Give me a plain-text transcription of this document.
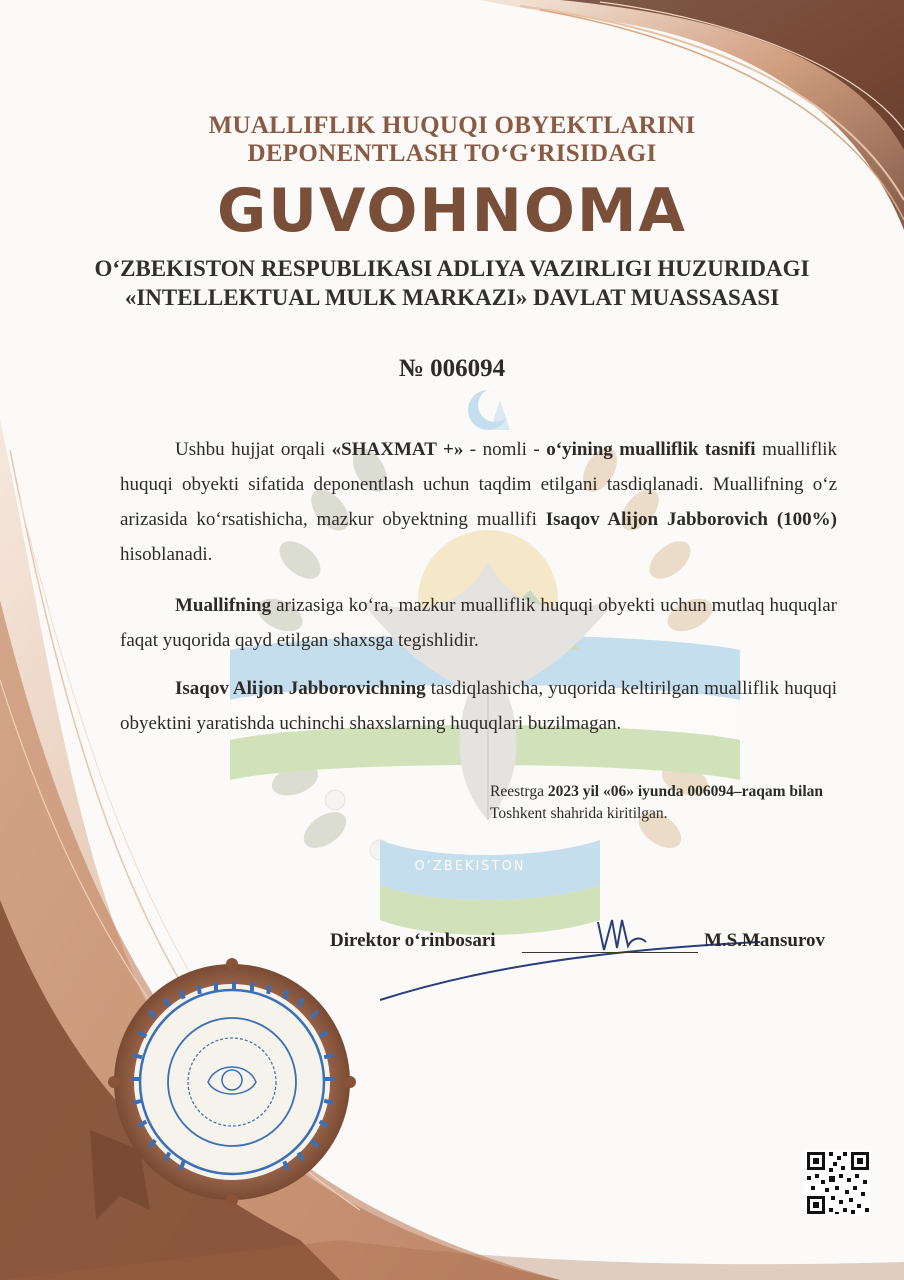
O‘ZBEKISTON
MUALLIFLIK HUQUQI OBYEKTLARINI
DEPONENTLASH TO‘G‘RISIDAGI
GUVOHNOMA
O‘ZBEKISTON RESPUBLIKASI ADLIYA VAZIRLIGI HUZURIDAGI
«INTELLEKTUAL MULK MARKAZI» DAVLAT MUASSASASI
№ 006094
Ushbu hujjat orqali «SHAXMAT +» - nomli - o‘yining mualliflik tasnifi mualliflik huquqi obyekti sifatida deponentlash uchun taqdim etilgani tasdiqlanadi. Muallifning o‘z arizasida ko‘rsatishicha, mazkur obyektning muallifi Isaqov Alijon Jabborovich (100%) hisoblanadi.
Muallifning arizasiga ko‘ra, mazkur mualliflik huquqi obyekti uchun mutlaq huquqlar faqat yuqorida qayd etilgan shaxsga tegishlidir.
Isaqov Alijon Jabborovichning tasdiqlashicha, yuqorida keltirilgan mualliflik huquqi obyektini yaratishda uchinchi shaxslarning huquqlari buzilmagan.
Reestrga 2023 yil «06» iyunda 006094–raqam bilan Toshkent shahrida kiritilgan.
Direktor o‘rinbosari	M.S.Mansurov
